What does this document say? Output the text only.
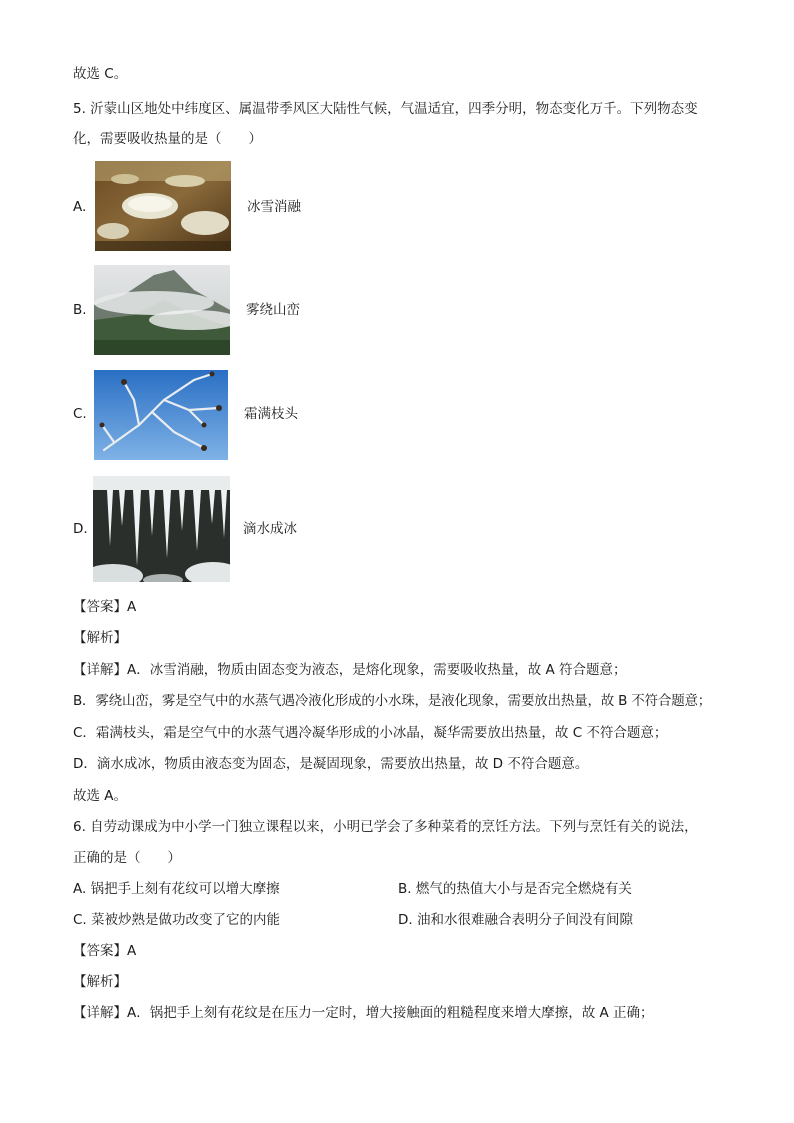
故选 C。
5. 沂蒙山区地处中纬度区、属温带季风区大陆性气候，气温适宜，四季分明，物态变化万千。下列物态变
化，需要吸收热量的是（　　）
A.	冰雪消融
B.	雾绕山峦
C.	霜满枝头
D.	滴水成冰
【答案】A
【解析】
【详解】A．冰雪消融，物质由固态变为液态，是熔化现象，需要吸收热量，故 A 符合题意；
B．雾绕山峦，雾是空气中的水蒸气遇冷液化形成的小水珠，是液化现象，需要放出热量，故 B 不符合题意；
C．霜满枝头，霜是空气中的水蒸气遇冷凝华形成的小冰晶，凝华需要放出热量，故 C 不符合题意；
D．滴水成冰，物质由液态变为固态，是凝固现象，需要放出热量，故 D 不符合题意。
故选 A。
6. 自劳动课成为中小学一门独立课程以来，小明已学会了多种菜肴的烹饪方法。下列与烹饪有关的说法，
正确的是（　　）
A. 锅把手上刻有花纹可以增大摩擦	B. 燃气的热值大小与是否完全燃烧有关
C. 菜被炒熟是做功改变了它的内能	D. 油和水很难融合表明分子间没有间隙
【答案】A
【解析】
【详解】A．锅把手上刻有花纹是在压力一定时，增大接触面的粗糙程度来增大摩擦，故 A 正确；
